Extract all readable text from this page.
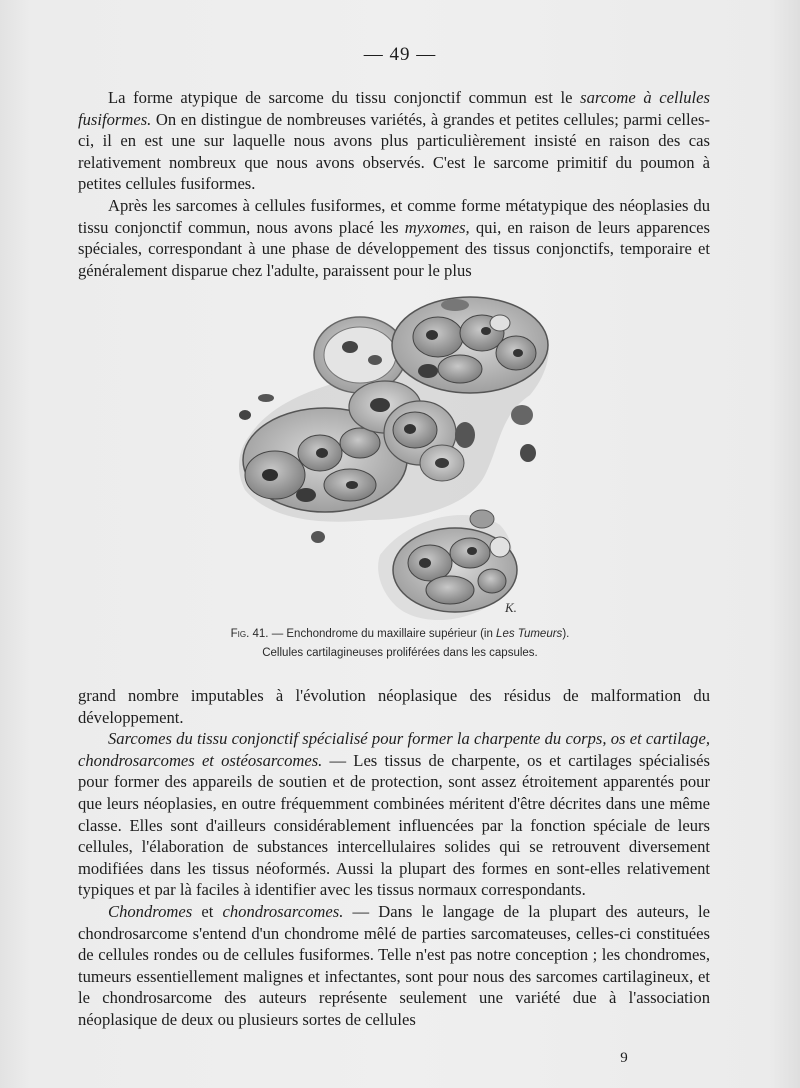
— 49 —

La forme atypique de sarcome du tissu conjonctif commun est le sarcome à cellules fusiformes. On en distingue de nombreuses variétés, à grandes et petites cellules; parmi celles-ci, il en est une sur laquelle nous avons plus particulièrement insisté en raison des cas relativement nombreux que nous avons observés. C'est le sarcome primitif du poumon à petites cellules fusiformes.

Après les sarcomes à cellules fusiformes, et comme forme métatypique des néoplasies du tissu conjonctif commun, nous avons placé les myxomes, qui, en raison de leurs apparences spéciales, correspondant à une phase de développement des tissus conjonctifs, temporaire et généralement disparue chez l'adulte, paraissent pour le plus

K.
Fig. 41. — Enchondrome du maxillaire supérieur (in Les Tumeurs).
Cellules cartilagineuses proliférées dans les capsules.

grand nombre imputables à l'évolution néoplasique des résidus de malformation du développement.

Sarcomes du tissu conjonctif spécialisé pour former la charpente du corps, os et cartilage, chondrosarcomes et ostéosarcomes. — Les tissus de charpente, os et cartilages spécialisés pour former des appareils de soutien et de protection, sont assez étroitement apparentés pour que leurs néoplasies, en outre fréquemment combinées méritent d'être décrites dans une même classe. Elles sont d'ailleurs considérablement influencées par la fonction spéciale de leurs cellules, l'élaboration de substances intercellulaires solides qui se retrouvent diversement modifiées dans les tissus néoformés. Aussi la plupart des formes en sont-elles relativement typiques et par là faciles à identifier avec les tissus normaux correspondants.

Chondromes et chondrosarcomes. — Dans le langage de la plupart des auteurs, le chondrosarcome s'entend d'un chondrome mêlé de parties sarcomateuses, celles-ci constituées de cellules rondes ou de cellules fusiformes. Telle n'est pas notre conception ; les chondromes, tumeurs essentiellement malignes et infectantes, sont pour nous des sarcomes cartilagineux, et le chondrosarcome des auteurs représente seulement une variété due à l'association néoplasique de deux ou plusieurs sortes de cellules

9
